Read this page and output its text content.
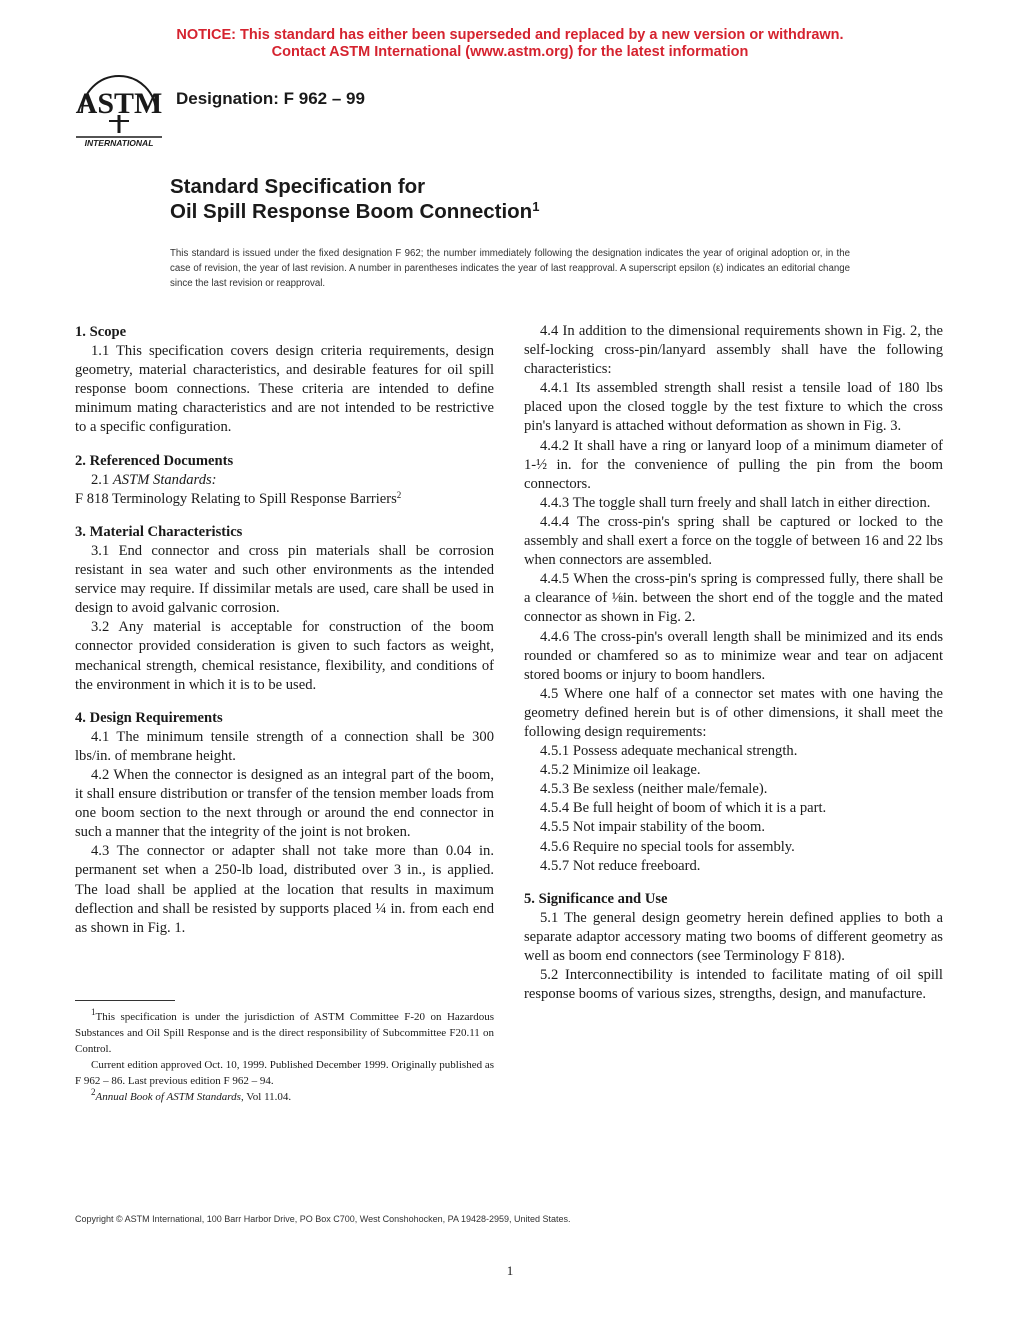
NOTICE: This standard has either been superseded and replaced by a new version or withdrawn.
Contact ASTM International (www.astm.org) for the latest information
ASTM
INTERNATIONAL
Designation: F 962 – 99
Standard Specification for
Oil Spill Response Boom Connection$^1$
This standard is issued under the fixed designation F 962; the number immediately following the designation indicates the year of original adoption or, in the case of revision, the year of last revision. A number in parentheses indicates the year of last reapproval. A superscript epsilon (ε) indicates an editorial change since the last revision or reapproval.
1. Scope

1.1 This specification covers design criteria requirements, design geometry, material characteristics, and desirable features for oil spill response boom connections. These criteria are intended to define minimum mating characteristics and are not intended to be restrictive to a specific configuration.

2. Referenced Documents

2.1 ASTM Standards:

F 818 Terminology Relating to Spill Response Barriers$^2$

3. Material Characteristics

3.1 End connector and cross pin materials shall be corrosion resistant in sea water and such other environments as the intended service may require. If dissimilar metals are used, care shall be used in design to avoid galvanic corrosion.

3.2 Any material is acceptable for construction of the boom connector provided consideration is given to such factors as weight, mechanical strength, chemical resistance, flexibility, and conditions of the environment in which it is to be used.

4. Design Requirements

4.1 The minimum tensile strength of a connection shall be 300 lbs/in. of membrane height.

4.2 When the connector is designed as an integral part of the boom, it shall ensure distribution or transfer of the tension member loads from one boom section to the next through or around the end connector in such a manner that the integrity of the joint is not broken.

4.3 The connector or adapter shall not take more than 0.04 in. permanent set when a 250-lb load, distributed over 3 in., is applied. The load shall be applied at the location that results in maximum deflection and shall be resisted by supports placed ¼ in. from each end as shown in Fig. 1.

4.4 In addition to the dimensional requirements shown in Fig. 2, the self-locking cross-pin/lanyard assembly shall have the following characteristics:

4.4.1 Its assembled strength shall resist a tensile load of 180 lbs placed upon the closed toggle by the test fixture to which the cross pin's lanyard is attached without deformation as shown in Fig. 3.

4.4.2 It shall have a ring or lanyard loop of a minimum diameter of 1-½ in. for the convenience of pulling the pin from the boom connectors.

4.4.3 The toggle shall turn freely and shall latch in either direction.

4.4.4 The cross-pin's spring shall be captured or locked to the assembly and shall exert a force on the toggle of between 16 and 22 lbs when connectors are assembled.

4.4.5 When the cross-pin's spring is compressed fully, there shall be a clearance of ⅛in. between the short end of the toggle and the mated connector as shown in Fig. 2.

4.4.6 The cross-pin's overall length shall be minimized and its ends rounded or chamfered so as to minimize wear and tear on adjacent stored booms or injury to boom handlers.

4.5 Where one half of a connector set mates with one having the geometry defined herein but is of other dimensions, it shall meet the following design requirements:

4.5.1 Possess adequate mechanical strength.

4.5.2 Minimize oil leakage.

4.5.3 Be sexless (neither male/female).

4.5.4 Be full height of boom of which it is a part.

4.5.5 Not impair stability of the boom.

4.5.6 Require no special tools for assembly.

4.5.7 Not reduce freeboard.

5. Significance and Use

5.1 The general design geometry herein defined applies to both a separate adaptor accessory mating two booms of different geometry as well as boom end connectors (see Terminology F 818).

5.2 Interconnectibility is intended to facilitate mating of oil spill response booms of various sizes, strengths, design, and manufacture.

$^1$This specification is under the jurisdiction of ASTM Committee F-20 on Hazardous Substances and Oil Spill Response and is the direct responsibility of Subcommittee F20.11 on Control.

Current edition approved Oct. 10, 1999. Published December 1999. Originally published as F 962 – 86. Last previous edition F 962 – 94.

$^2$Annual Book of ASTM Standards, Vol 11.04.

Copyright © ASTM International, 100 Barr Harbor Drive, PO Box C700, West Conshohocken, PA 19428-2959, United States.
1
